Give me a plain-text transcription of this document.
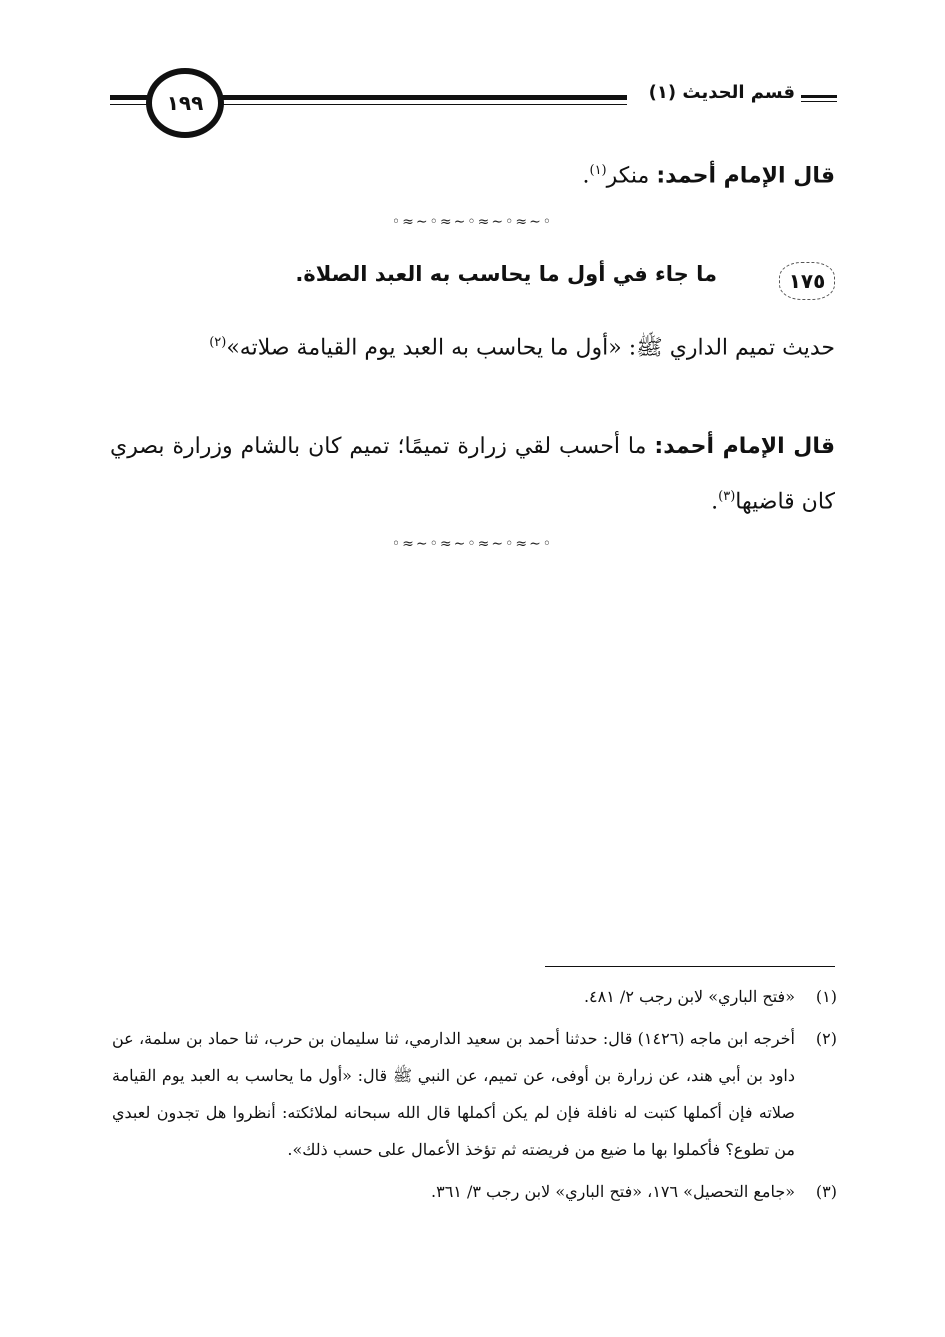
١٩٩	قسم الحديث (١)
قال الإمام أحمد: منكر$^{(١)}$.
◦∽≈◦∽≈◦∽≈◦∽≈◦
١٧٥
ما جاء في أول ما يحاسب به العبد الصلاة.
حديث تميم الداري ﷺ: «أول ما يحاسب به العبد يوم القيامة صلاته»$^{(٢)}$
قال الإمام أحمد: ما أحسب لقي زرارة تميمًا؛ تميم كان بالشام وزرارة بصري كان قاضيها$^{(٣)}$.
◦∽≈◦∽≈◦∽≈◦∽≈◦
(١)
«فتح الباري» لابن رجب ٢/ ٤٨١.
(٢)
أخرجه ابن ماجه (١٤٢٦) قال: حدثنا أحمد بن سعيد الدارمي، ثنا سليمان بن حرب، ثنا حماد بن سلمة، عن داود بن أبي هند، عن زرارة بن أوفى، عن تميم، عن النبي ﷺ قال: «أول ما يحاسب به العبد يوم القيامة صلاته فإن أكملها كتبت له نافلة فإن لم يكن أكملها قال الله سبحانه لملائكته: أنظروا هل تجدون لعبدي من تطوع؟ فأكملوا بها ما ضيع من فريضته ثم تؤخذ الأعمال على حسب ذلك».
(٣)
«جامع التحصيل» ١٧٦، «فتح الباري» لابن رجب ٣/ ٣٦١.
